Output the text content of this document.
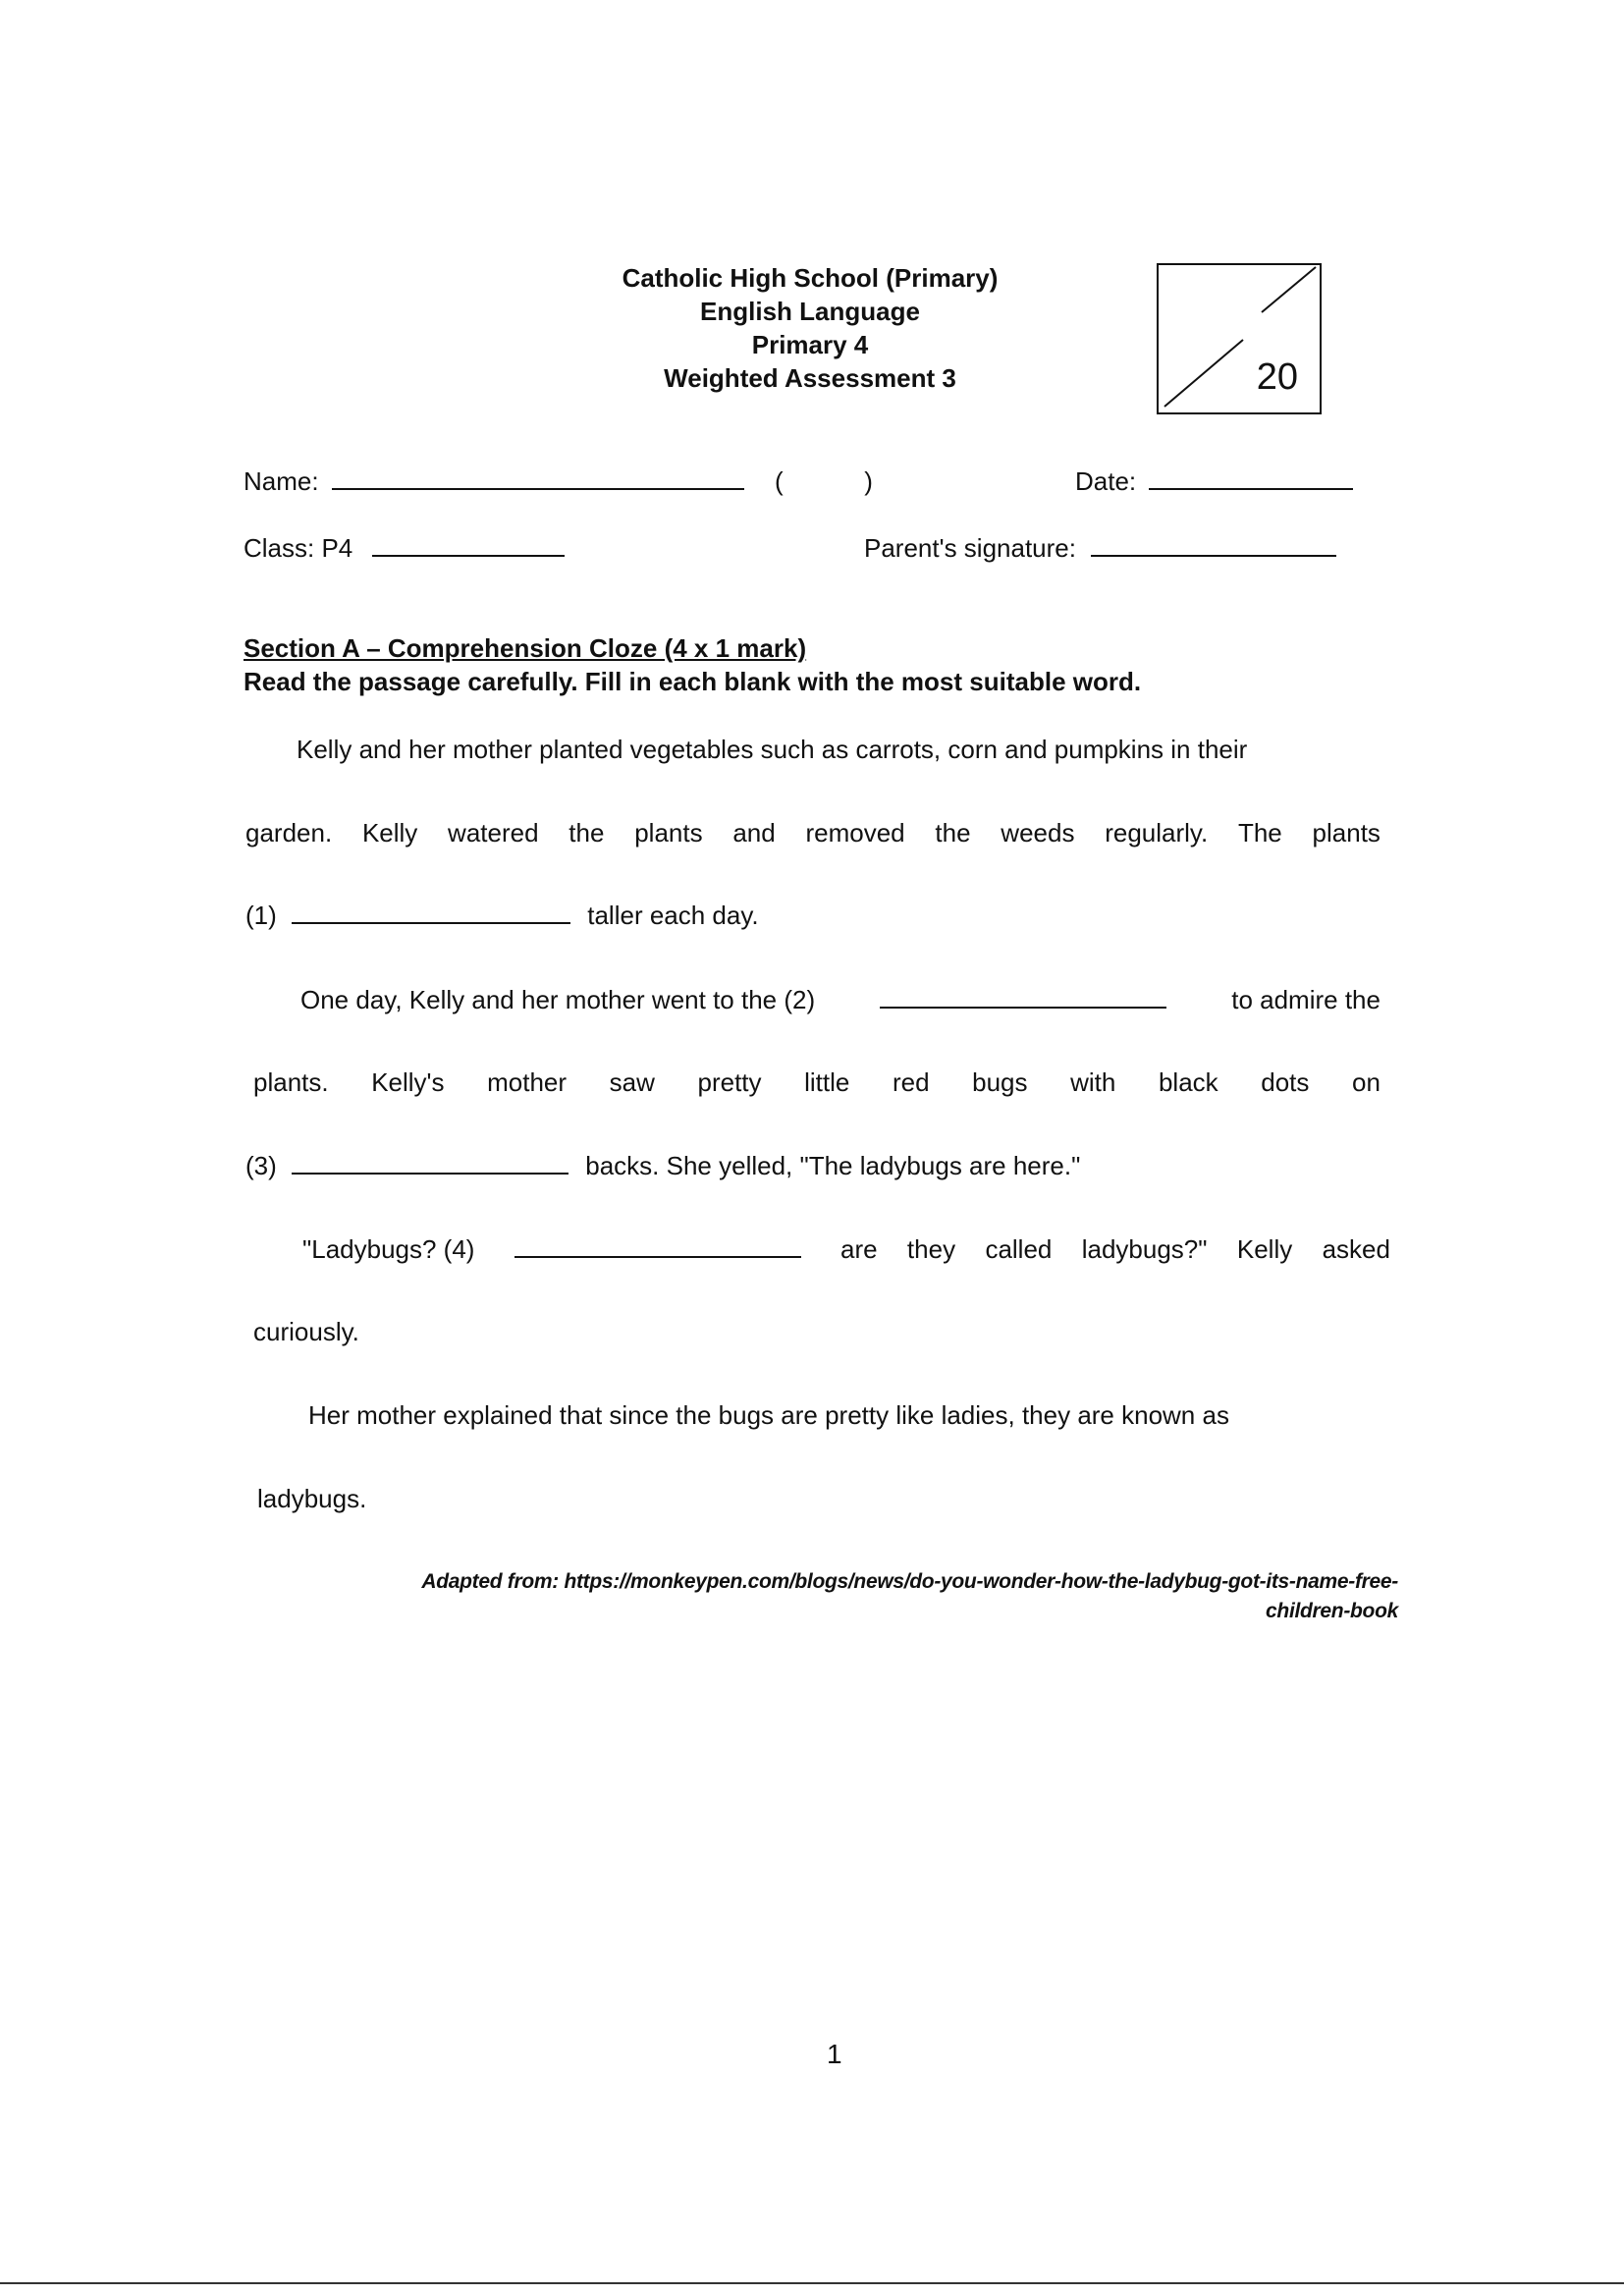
Catholic High School (Primary)
English Language
Primary 4
Weighted Assessment 3	20
Name:	(	)	Date:
Class: P4	Parent's signature:
Section A – Comprehension Cloze (4 x 1 mark)
Read the passage carefully. Fill in each blank with the most suitable word.
Kelly and her mother planted vegetables such as carrots, corn and pumpkins in their
garden. Kelly watered the plants and removed the weeds regularly. The plants
(1)	taller each day.
One day, Kelly and her mother went to the (2)	to admire the
plants. Kelly's mother saw pretty little red bugs with black dots on
(3)	backs. She yelled, "The ladybugs are here."
"Ladybugs? (4)	are they called ladybugs?" Kelly asked
curiously.
Her mother explained that since the bugs are pretty like ladies, they are known as
ladybugs.
Adapted from: https://monkeypen.com/blogs/news/do-you-wonder-how-the-ladybug-got-its-name-free-
children-book
1
